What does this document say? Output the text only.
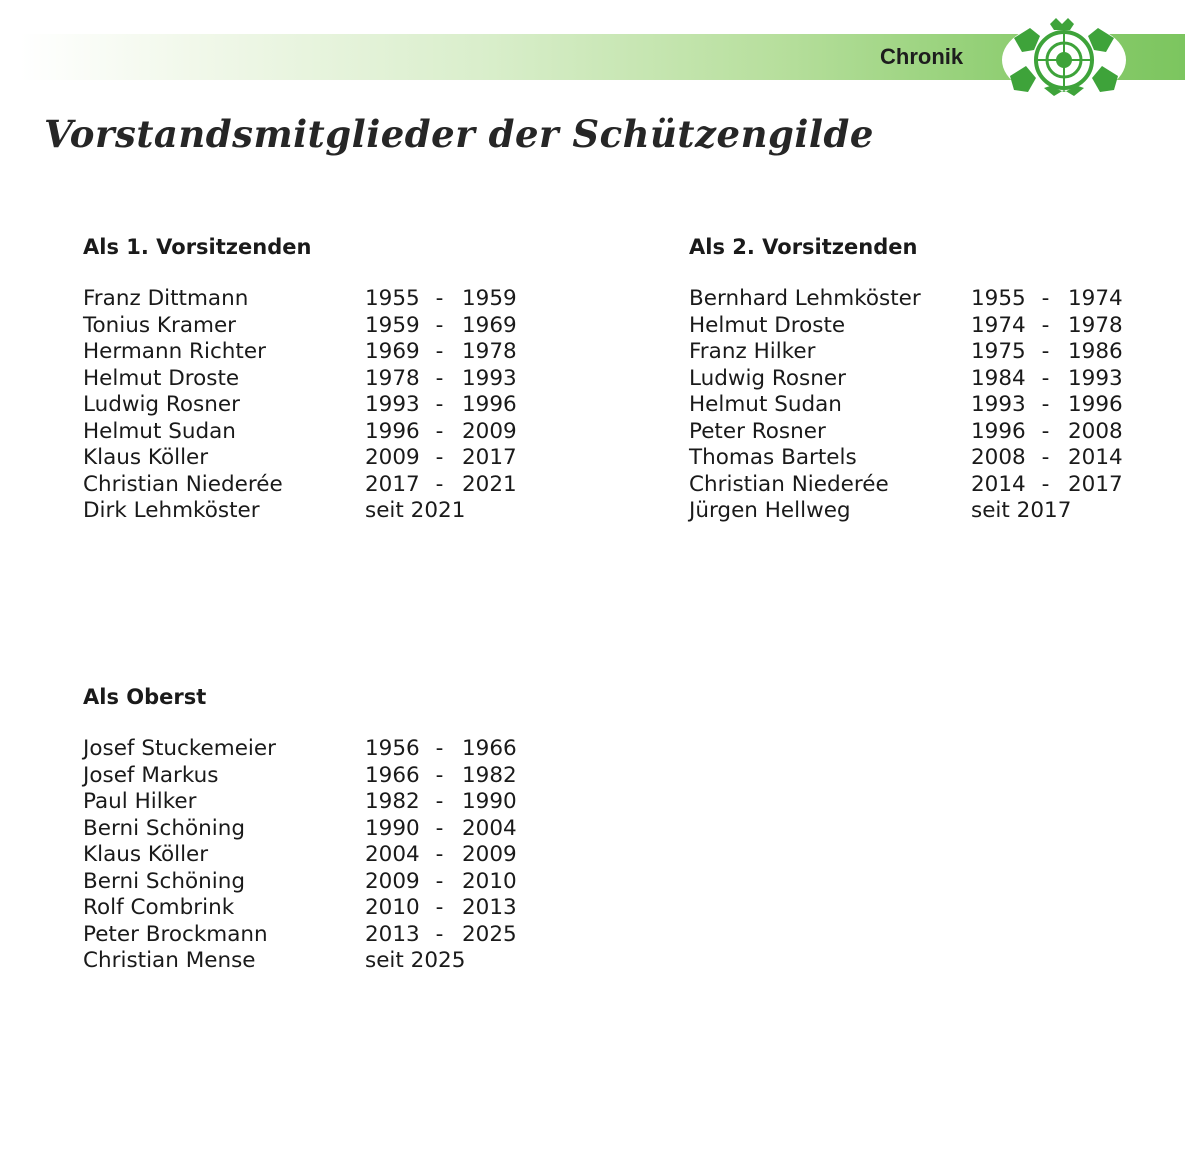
Chronik
Vorstandsmitglieder der Schützengilde
Als 1. Vorsitzenden
Franz Dittmann	1955 - 1959
Tonius Kramer	1959 - 1969
Hermann Richter	1969 - 1978
Helmut Droste	1978 - 1993
Ludwig Rosner	1993 - 1996
Helmut Sudan	1996 - 2009
Klaus Köller	2009 - 2017
Christian Niederée	2017 - 2021
Dirk Lehmköster	seit 2021
Als 2. Vorsitzenden
Bernhard Lehmköster 1955 - 1974
Helmut Droste	1974 - 1978
Franz Hilker	1975 - 1986
Ludwig Rosner	1984 - 1993
Helmut Sudan	1993 - 1996
Peter Rosner	1996 - 2008
Thomas Bartels	2008 - 2014
Christian Niederée	2014 - 2017
Jürgen Hellweg	seit 2017
Als Oberst
Josef Stuckemeier	1956 - 1966
Josef Markus	1966 - 1982
Paul Hilker	1982 - 1990
Berni Schöning	1990 - 2004
Klaus Köller	2004 - 2009
Berni Schöning	2009 - 2010
Rolf Combrink	2010 - 2013
Peter Brockmann	2013 - 2025
Christian Mense	seit 2025
